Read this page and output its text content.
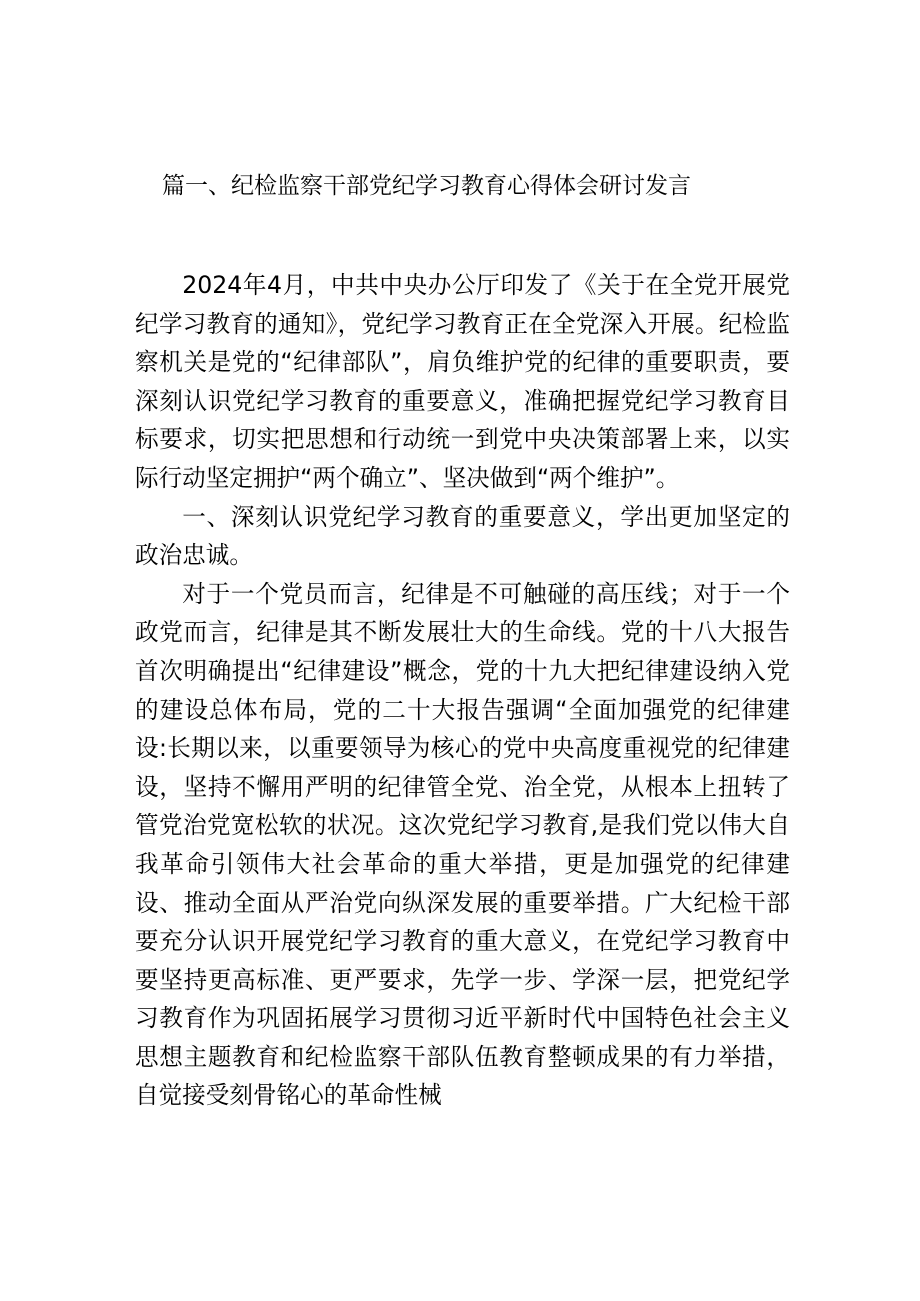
篇一、纪检监察干部党纪学习教育心得体会研讨发言

2024年4月，中共中央办公厅印发了《关于在全党开展党纪学习教育的通知》，党纪学习教育正在全党深入开展。纪检监察机关是党的“纪律部队”，肩负维护党的纪律的重要职责，要深刻认识党纪学习教育的重要意义，准确把握党纪学习教育目标要求，切实把思想和行动统一到党中央决策部署上来，以实际行动坚定拥护“两个确立”、坚决做到“两个维护”。

一、深刻认识党纪学习教育的重要意义，学出更加坚定的政治忠诚。

对于一个党员而言，纪律是不可触碰的高压线；对于一个政党而言，纪律是其不断发展壮大的生命线。党的十八大报告首次明确提出“纪律建设”概念，党的十九大把纪律建设纳入党的建设总体布局，党的二十大报告强调“全面加强党的纪律建设:长期以来，以重要领导为核心的党中央高度重视党的纪律建设，坚持不懈用严明的纪律管全党、治全党，从根本上扭转了管党治党宽松软的状况。这次党纪学习教育,是我们党以伟大自我革命引领伟大社会革命的重大举措，更是加强党的纪律建设、推动全面从严治党向纵深发展的重要举措。广大纪检干部要充分认识开展党纪学习教育的重大意义，在党纪学习教育中要坚持更高标准、更严要求，先学一步、学深一层，把党纪学习教育作为巩固拓展学习贯彻习近平新时代中国特色社会主义思想主题教育和纪检监察干部队伍教育整顿成果的有力举措，自觉接受刻骨铭心的革命性械
